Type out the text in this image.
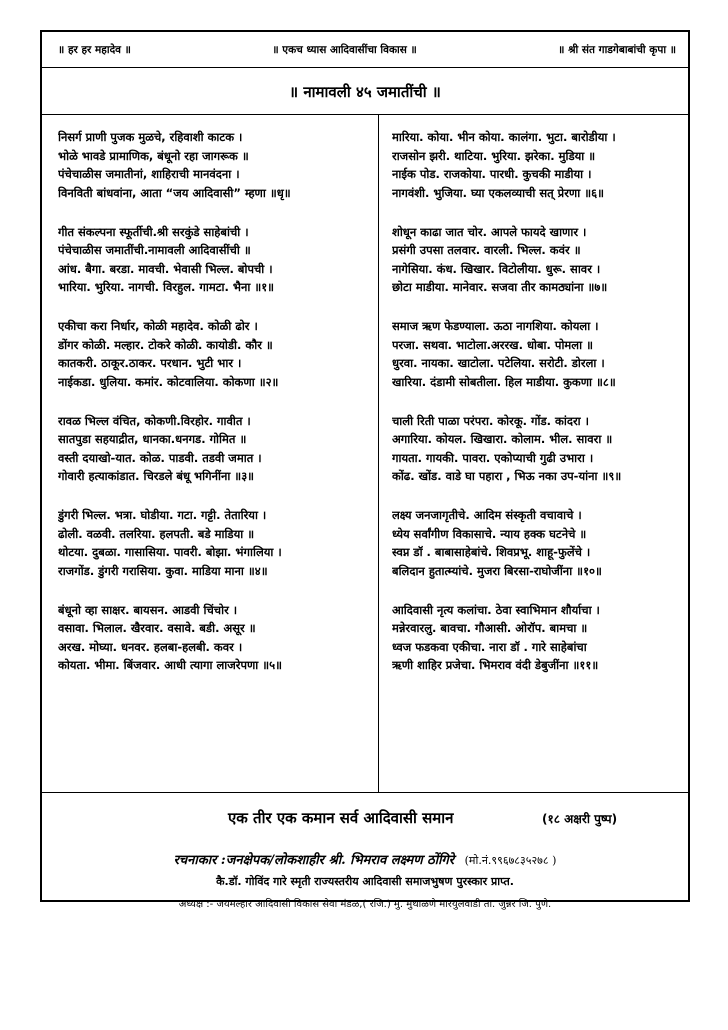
॥ हर हर महादेव ॥	॥ एकच ध्यास आदिवासींचा विकास ॥	॥ श्री संत गाडगेबाबांची कृपा ॥
॥ नामावली ४५ जमातींची ॥
निसर्ग प्राणी पुजक मुळचे, रहिवाशी काटक ।
भोळे भावडे प्रामाणिक, बंधूनो रहा जागरूक ॥
पंचेचाळीस जमातीनां, शाहिराची मानवंदना ।
विनविती बांधवांना, आता “जय आदिवासी” म्हणा ॥धृ॥
गीत संकल्पना स्फूर्तीची.श्री सरकुंडे साहेबांची ।
पंचेचाळीस जमातींची.नामावली आदिवासींची ॥
आंध. बैगा. बरडा. मावची. भेवासी भिल्ल. बोपची ।
भारिया. भुरिया. नागची. विरहुल. गामटा. भैना ॥१॥
एकीचा करा निर्धार, कोळी महादेव. कोळी ढोर ।
डोंगर कोळी. मल्हार. टोकरे कोळी. कायोडी. कौर ॥
कातकरी. ठाकूर.ठाकर. परधान. भुटी भार ।
नाईकडा. धुलिया. कमांर. कोटवालिया. कोकणा ॥२॥
रावळ भिल्ल वंचित, कोकणी.विरहोर. गावीत ।
सातपुडा सहयाद्रीत, धानका.धनगड. गोमित ॥
वस्ती दयाखो-यात. कोळ. पाडवी. तडवी जमात ।
गोवारी हत्याकांडात. चिरडले बंधू भगिनींना ॥३॥
डुंगरी भिल्ल. भत्रा. घोडीया. गटा. गट्टी. तेतारिया ।
ढोली. वळवी. तलरिया. हलपती. बडे माडिया ॥
थोटया. दुबळा. गासासिया. पावरी. बोझा. भंगालिया ।
राजगोंड. डुंगरी गरासिया. कुवा. माडिया माना ॥४॥
बंधूनो व्हा साक्षर. बायसन. आडवी चिंचोर ।
वसावा. भिलाल. खैरवार. वसावे. बडी. असूर ॥
अरख. मोघ्या. धनवर. हलबा-हलबी. कवर ।
कोयता. भीमा. बिंजवार. आधी त्यागा लाजरेपणा ॥५॥
मारिया. कोया. भीन कोया. कालंगा. भुटा. बारोडीया ।
राजसोन झरी. थाटिया. भुरिया. झरेका. मुडिया ॥
नाईक पोड. राजकोया. पारधी. कुचकी माडीया ।
नागवंशी. भुजिया. घ्या एकलव्याची सत् प्रेरणा ॥६॥
शोधून काढा जात चोर. आपले फायदे खाणार ।
प्रसंगी उपसा तलवार. वारली. भिल्ल. कवंर ॥
नागेसिया. कंध. खिखार. विटोलीया. धुरू. सावर ।
छोटा माडीया. मानेवार. सजवा तीर कामठ्यांना ॥७॥
समाज ऋण फेडण्याला. ऊठा नागशिया. कोयला ।
परजा. सथवा. भाटोला.अररख. धोबा. पोमला ॥
धुरवा. नायका. खाटोला. पटेलिया. सरोटी. डोरला ।
खारिया. दंडामी सोबतीला. हिल माडीया. कुकणा ॥८॥
चाली रिती पाळा परंपरा. कोरकू. गोंड. कांदरा ।
अगारिया. कोयल. खिखारा. कोलाम. भील. सावरा ॥
गायता. गायकी. पावरा. एकोप्याची गुढी उभारा ।
कोंढ. खोंड. वाडे घा पहारा , भिऊ नका उप-यांना ॥९॥
लक्ष्य जनजागृतीचे. आदिम संस्कृती वचावाचे ।
ध्येय सर्वांगीण विकासाचे. न्याय हक्क घटनेचे ॥
स्वप्न डॉ . बाबासाहेबांचे. शिवप्रभू. शाहू-फुलेंचे ।
बलिदान हुतात्म्यांचे. मुजरा बिरसा-राघोजींना ॥१०॥
आदिवासी नृत्य कलांचा. ठेवा स्वाभिमान शौर्याचा ।
मन्नेरवारलु. बावचा. गौआसी. ओरॉप. बामचा ॥
ध्वज फडकवा एकीचा. नारा डॉ . गारे साहेबांचा
ऋणी शाहिर प्रजेचा. भिमराव वंदी डेबुजींना ॥११॥
एक तीर एक कमान सर्व आदिवासी समान	(१८ अक्षरी पुष्प)
रचनाकार :जनक्षेपक/लोकशाहीर श्री. भिमराव लक्ष्मण ठोंगिरे (मो.नं.९९६७८३५२७८ )
कै.डॉ. गोविंद गारे स्मृती राज्यस्तरीय आदिवासी समाजभुषण पुरस्कार प्राप्त.
अध्यक्ष :- जयमल्हार आदिवासी विकास सेवा मंडळ,( रजि.) मु. मुथाळणे मारयुलवाडी ता. जुन्नर जि. पुणे.
